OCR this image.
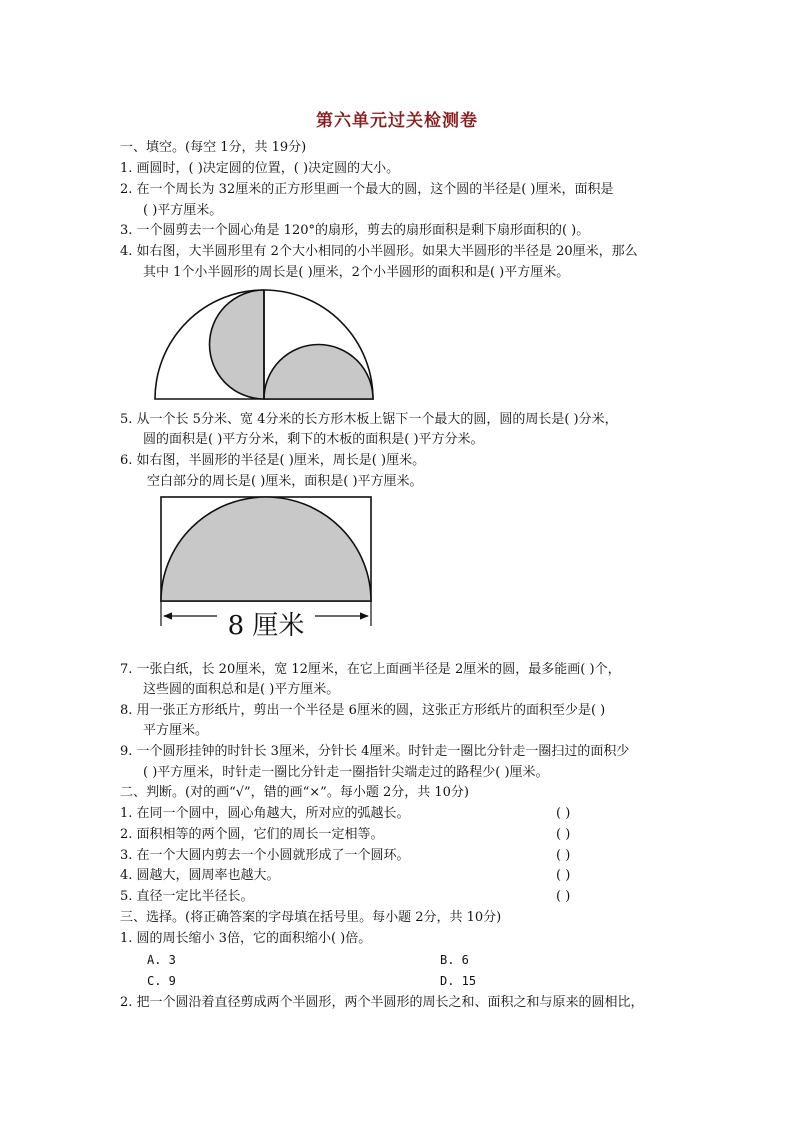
第六单元过关检测卷
一、填空。(每空 1分，共 19分)
1. 画圆时，( )决定圆的位置，( )决定圆的大小。
2. 在一个周长为 32厘米的正方形里画一个最大的圆，这个圆的半径是( )厘米，面积是
( )平方厘米。
3. 一个圆剪去一个圆心角是 120°的扇形，剪去的扇形面积是剩下扇形面积的( )。
4. 如右图，大半圆形里有 2个大小相同的小半圆形。如果大半圆形的半径是 20厘米，那么
其中 1个小半圆形的周长是( )厘米，2个小半圆形的面积和是( )平方厘米。
5. 从一个长 5分米、宽 4分米的长方形木板上锯下一个最大的圆，圆的周长是( )分米，
圆的面积是( )平方分米，剩下的木板的面积是( )平方分米。
6. 如右图，半圆形的半径是( )厘米，周长是( )厘米。
空白部分的周长是( )厘米，面积是( )平方厘米。
8 厘米
7. 一张白纸，长 20厘米，宽 12厘米，在它上面画半径是 2厘米的圆，最多能画( )个，
这些圆的面积总和是( )平方厘米。
8. 用一张正方形纸片，剪出一个半径是 6厘米的圆，这张正方形纸片的面积至少是( )
平方厘米。
9. 一个圆形挂钟的时针长 3厘米，分针长 4厘米。时针走一圈比分针走一圈扫过的面积少
( )平方厘米，时针走一圈比分针走一圈指针尖端走过的路程少( )厘米。
二、判断。(对的画“√”，错的画“×”。每小题 2分，共 10分)
1. 在同一个圆中，圆心角越大，所对应的弧越长。	( )
2. 面积相等的两个圆，它们的周长一定相等。	( )
3. 在一个大圆内剪去一个小圆就形成了一个圆环。	( )
4. 圆越大，圆周率也越大。	( )
5. 直径一定比半径长。	( )
三、选择。(将正确答案的字母填在括号里。每小题 2分，共 10分)
1. 圆的周长缩小 3倍，它的面积缩小( )倍。
A. 3	B. 6
C. 9	D. 15
2. 把一个圆沿着直径剪成两个半圆形，两个半圆形的周长之和、面积之和与原来的圆相比，
